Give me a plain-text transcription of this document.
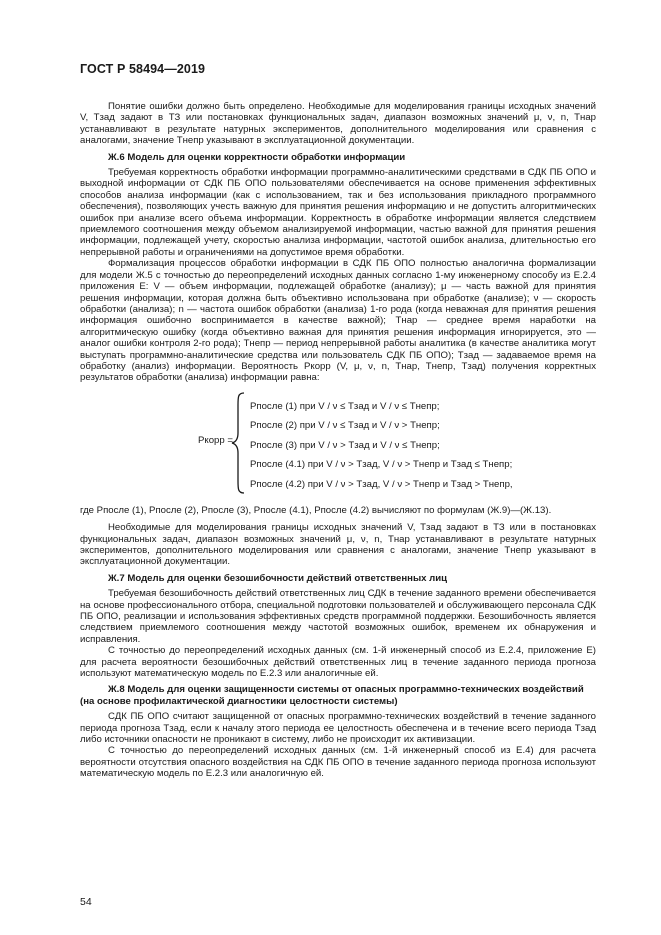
ГОСТ Р 58494—2019

Понятие ошибки должно быть определено. Необходимые для моделирования границы исходных значений V, Tзад задают в ТЗ или постановках функциональных задач, диапазон возможных значений μ, ν, n, Tнар устанавливают в результате натурных экспериментов, дополнительного моделирования или сравнения с аналогами, значение Tнепр указывают в эксплуатационной документации.

Ж.6 Модель для оценки корректности обработки информации

Требуемая корректность обработки информации программно-аналитическими средствами в СДК ПБ ОПО и выходной информации от СДК ПБ ОПО пользователями обеспечивается на основе применения эффективных способов анализа информации (как с использованием, так и без использования прикладного программного обеспечения), позволяющих учесть важную для принятия решения информацию и не допустить алгоритмических ошибок при анализе всего объема информации. Корректность в обработке информации является следствием приемлемого соотношения между объемом анализируемой информации, частью важной для принятия решения информации, подлежащей учету, скоростью анализа информации, частотой ошибок анализа, длительностью его непрерывной работы и ограничениями на допустимое время обработки.

Формализация процессов обработки информации в СДК ПБ ОПО полностью аналогична формализации для модели Ж.5 с точностью до переопределений исходных данных согласно 1-му инженерному способу из Е.2.4 приложения Е: V — объем информации, подлежащей обработке (анализу); μ — часть важной для принятия решения информации, которая должна быть объективно использована при обработке (анализе); ν — скорость обработки (анализа); n — частота ошибок обработки (анализа) 1-го рода (когда неважная для принятия решения информация ошибочно воспринимается в качестве важной); Tнар — среднее время наработки на алгоритмическую ошибку (когда объективно важная для принятия решения информация игнорируется, это — аналог ошибки контроля 2-го рода); Tнепр — период непрерывной работы аналитика (в качестве аналитика могут выступать программно-аналитические средства или пользователь СДК ПБ ОПО); Tзад — задаваемое время на обработку (анализ) информации. Вероятность Pкорр (V, μ, ν, n, Tнар, Tнепр, Tзад) получения корректных результатов обработки (анализа) информации равна:

Pкорр =
Pпосле (1) при V / ν ≤ Tзад и V / ν ≤ Tнепр;
Pпосле (2) при V / ν ≤ Tзад и V / ν > Tнепр;
Pпосле (3) при V / ν > Tзад и V / ν ≤ Tнепр;
Pпосле (4.1) при V / ν > Tзад, V / ν > Tнепр и Tзад ≤ Tнепр;
Pпосле (4.2) при V / ν > Tзад, V / ν > Tнепр и Tзад > Tнепр,

где Pпосле (1), Pпосле (2), Pпосле (3), Pпосле (4.1), Pпосле (4.2) вычисляют по формулам (Ж.9)—(Ж.13).

Необходимые для моделирования границы исходных значений V, Tзад задают в ТЗ или в постановках функциональных задач, диапазон возможных значений μ, ν, n, Tнар устанавливают в результате натурных экспериментов, дополнительного моделирования или сравнения с аналогами, значение Tнепр указывают в эксплуатационной документации.

Ж.7 Модель для оценки безошибочности действий ответственных лиц

Требуемая безошибочность действий ответственных лиц СДК в течение заданного времени обеспечивается на основе профессионального отбора, специальной подготовки пользователей и обслуживающего персонала СДК ПБ ОПО, реализации и использования эффективных средств программной поддержки. Безошибочность является следствием приемлемого соотношения между частотой возможных ошибок, временем их обнаружения и исправления.

С точностью до переопределений исходных данных (см. 1-й инженерный способ из Е.2.4, приложение Е) для расчета вероятности безошибочных действий ответственных лиц в течение заданного периода прогноза используют математическую модель по Е.2.3 или аналогичные ей.

Ж.8 Модель для оценки защищенности системы от опасных программно-технических воздействий
(на основе профилактической диагностики целостности системы)

СДК ПБ ОПО считают защищенной от опасных программно-технических воздействий в течение заданного периода прогноза Tзад, если к началу этого периода ее целостность обеспечена и в течение всего периода Tзад либо источники опасности не проникают в систему, либо не происходит их активизации.

С точностью до переопределений исходных данных (см. 1-й инженерный способ из Е.4) для расчета вероятности отсутствия опасного воздействия на СДК ПБ ОПО в течение заданного периода прогноза используют математическую модель по Е.2.3 или аналогичную ей.

54
